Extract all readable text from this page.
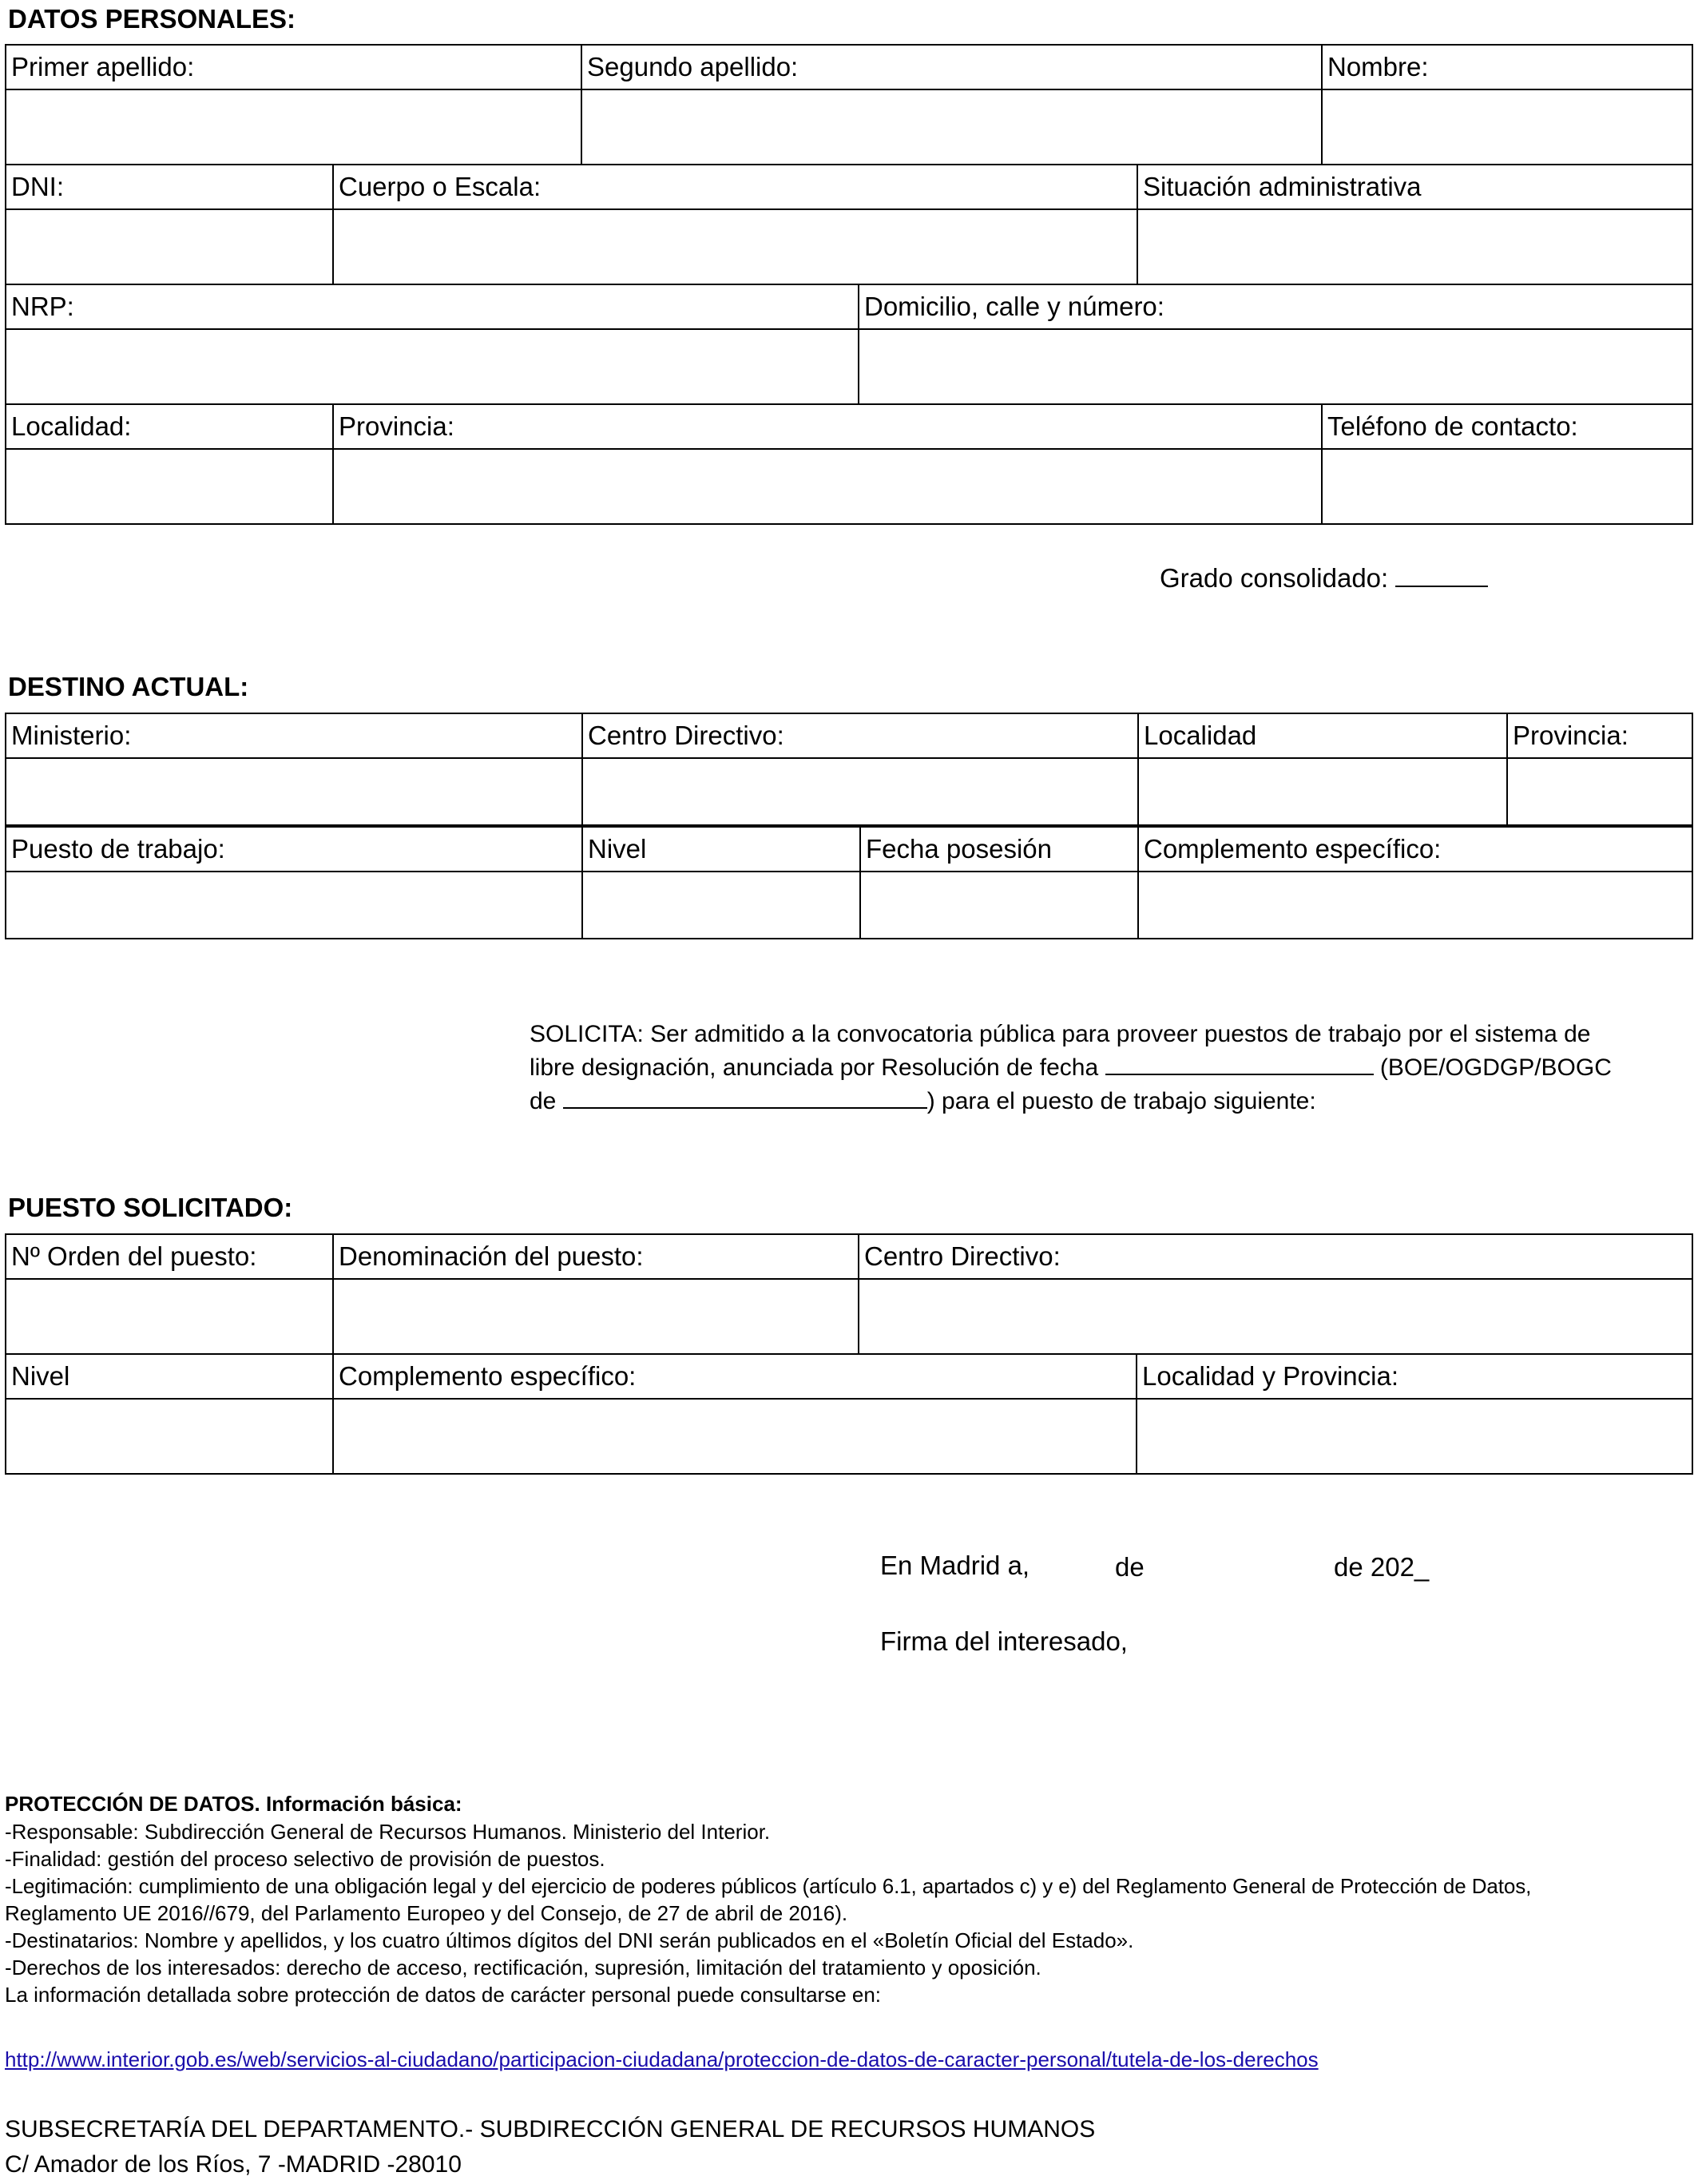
DATOS PERSONALES:
Primer apellido:	Segundo apellido:	Nombre:

DNI:	Cuerpo o Escala:	Situación administrativa

NRP:	Domicilio, calle y número:

Localidad:	Provincia:	Teléfono de contacto:

Grado consolidado:
DESTINO ACTUAL:
Ministerio:	Centro Directivo:	Localidad	Provincia:

Puesto de trabajo:	Nivel	Fecha posesión	Complemento específico:

SOLICITA: Ser admitido a la convocatoria pública para proveer puestos de trabajo por el sistema de
libre designación, anunciada por Resolución de fecha	(BOE/OGDGP/BOGC
de	) para el puesto de trabajo siguiente:
PUESTO SOLICITADO:
Nº Orden del puesto:	Denominación del puesto:	Centro Directivo:

Nivel	Complemento específico:	Localidad y Provincia:

En Madrid a,	de	de 202_
Firma del interesado,
PROTECCIÓN DE DATOS. Información básica:
-Responsable: Subdirección General de Recursos Humanos. Ministerio del Interior.
-Finalidad: gestión del proceso selectivo de provisión de puestos.
-Legitimación: cumplimiento de una obligación legal y del ejercicio de poderes públicos (artículo 6.1, apartados c) y e) del Reglamento General de Protección de Datos,
Reglamento UE 2016//679, del Parlamento Europeo y del Consejo, de 27 de abril de 2016).
-Destinatarios: Nombre y apellidos, y los cuatro últimos dígitos del DNI serán publicados en el «Boletín Oficial del Estado».
-Derechos de los interesados: derecho de acceso, rectificación, supresión, limitación del tratamiento y oposición.
La información detallada sobre protección de datos de carácter personal puede consultarse en:
http://www.interior.gob.es/web/servicios-al-ciudadano/participacion-ciudadana/proteccion-de-datos-de-caracter-personal/tutela-de-los-derechos
SUBSECRETARÍA DEL DEPARTAMENTO.- SUBDIRECCIÓN GENERAL DE RECURSOS HUMANOS
C/ Amador de los Ríos, 7 -MADRID -28010
